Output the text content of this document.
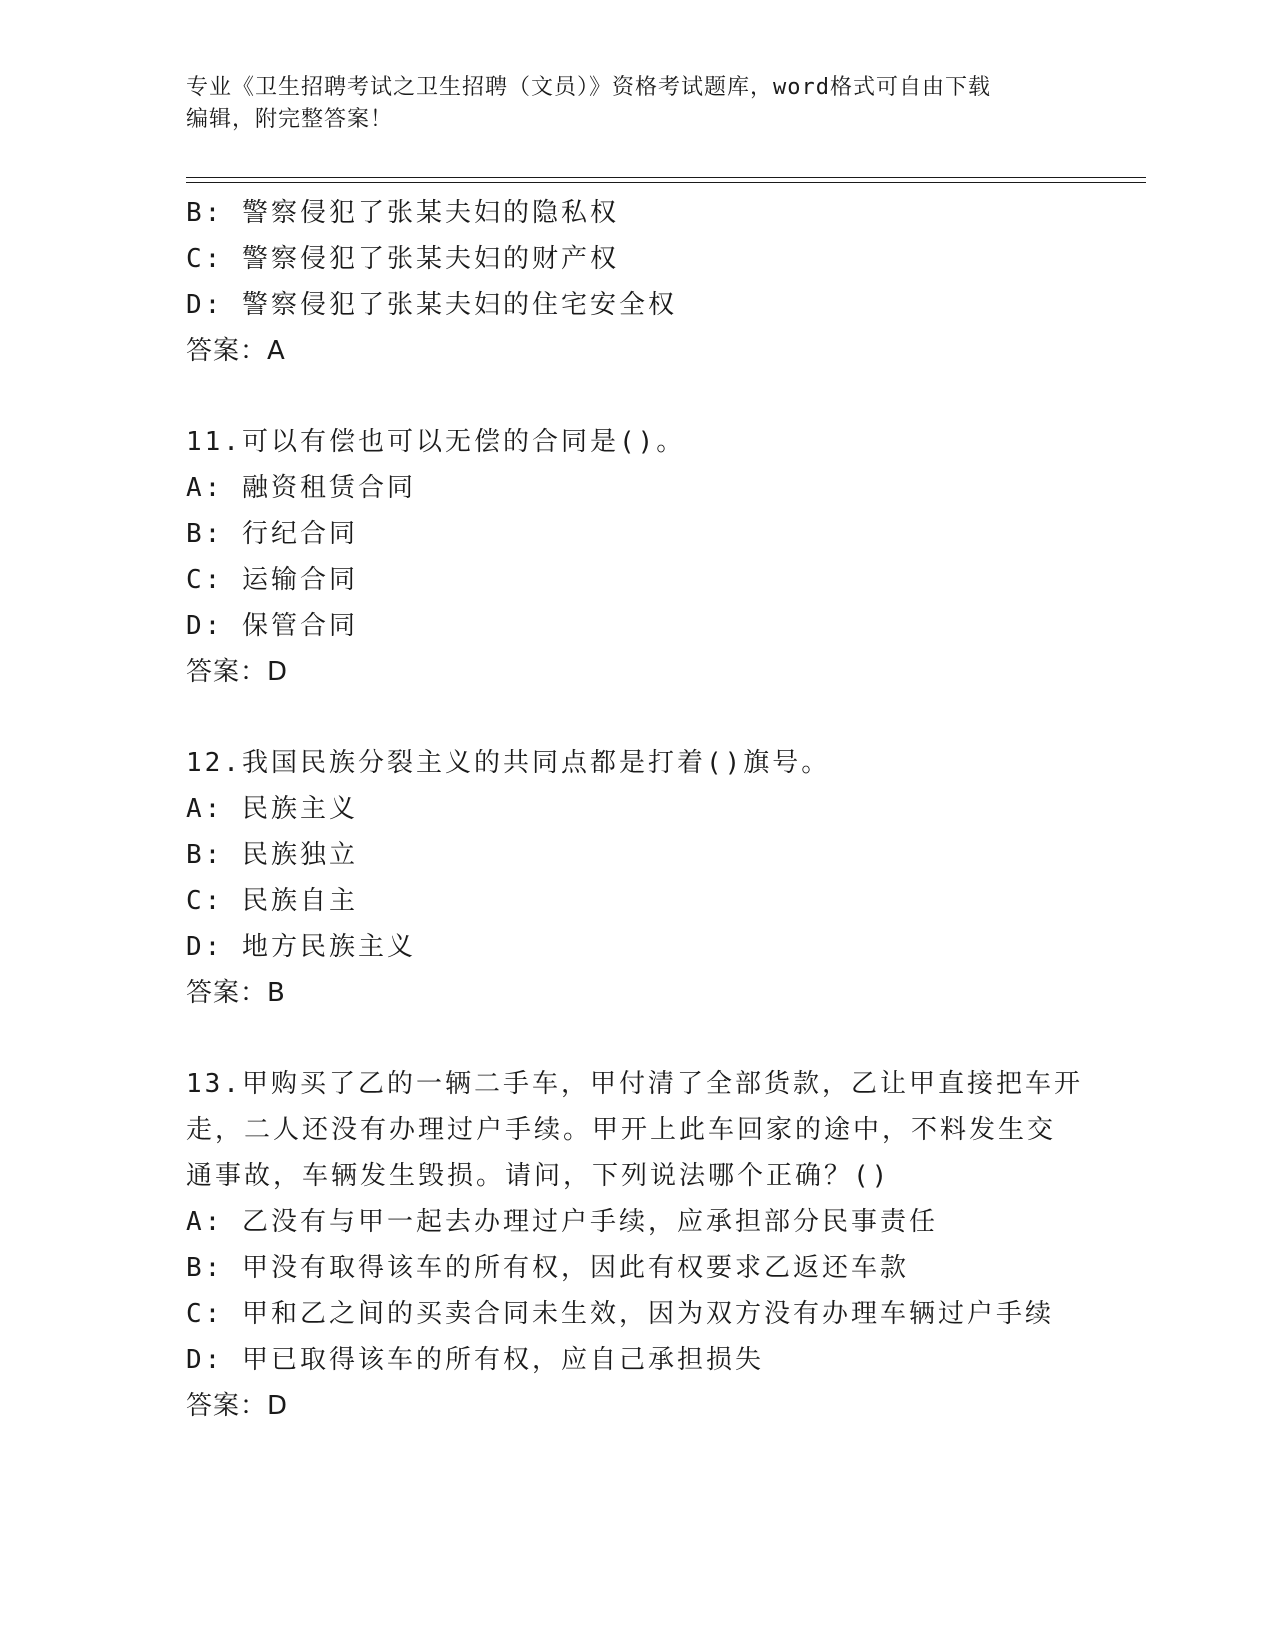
专业《卫生招聘考试之卫生招聘（文员）》资格考试题库，word格式可自由下载
编辑，附完整答案！
B: 警察侵犯了张某夫妇的隐私权
C: 警察侵犯了张某夫妇的财产权
D: 警察侵犯了张某夫妇的住宅安全权
答案：A
11.可以有偿也可以无偿的合同是()。
A: 融资租赁合同
B: 行纪合同
C: 运输合同
D: 保管合同
答案：D
12.我国民族分裂主义的共同点都是打着()旗号。
A: 民族主义
B: 民族独立
C: 民族自主
D: 地方民族主义
答案：B
13.甲购买了乙的一辆二手车，甲付清了全部货款，乙让甲直接把车开
走，二人还没有办理过户手续。甲开上此车回家的途中，不料发生交
通事故，车辆发生毁损。请问，下列说法哪个正确？()
A: 乙没有与甲一起去办理过户手续，应承担部分民事责任
B: 甲没有取得该车的所有权，因此有权要求乙返还车款
C: 甲和乙之间的买卖合同未生效，因为双方没有办理车辆过户手续
D: 甲已取得该车的所有权，应自己承担损失
答案：D
